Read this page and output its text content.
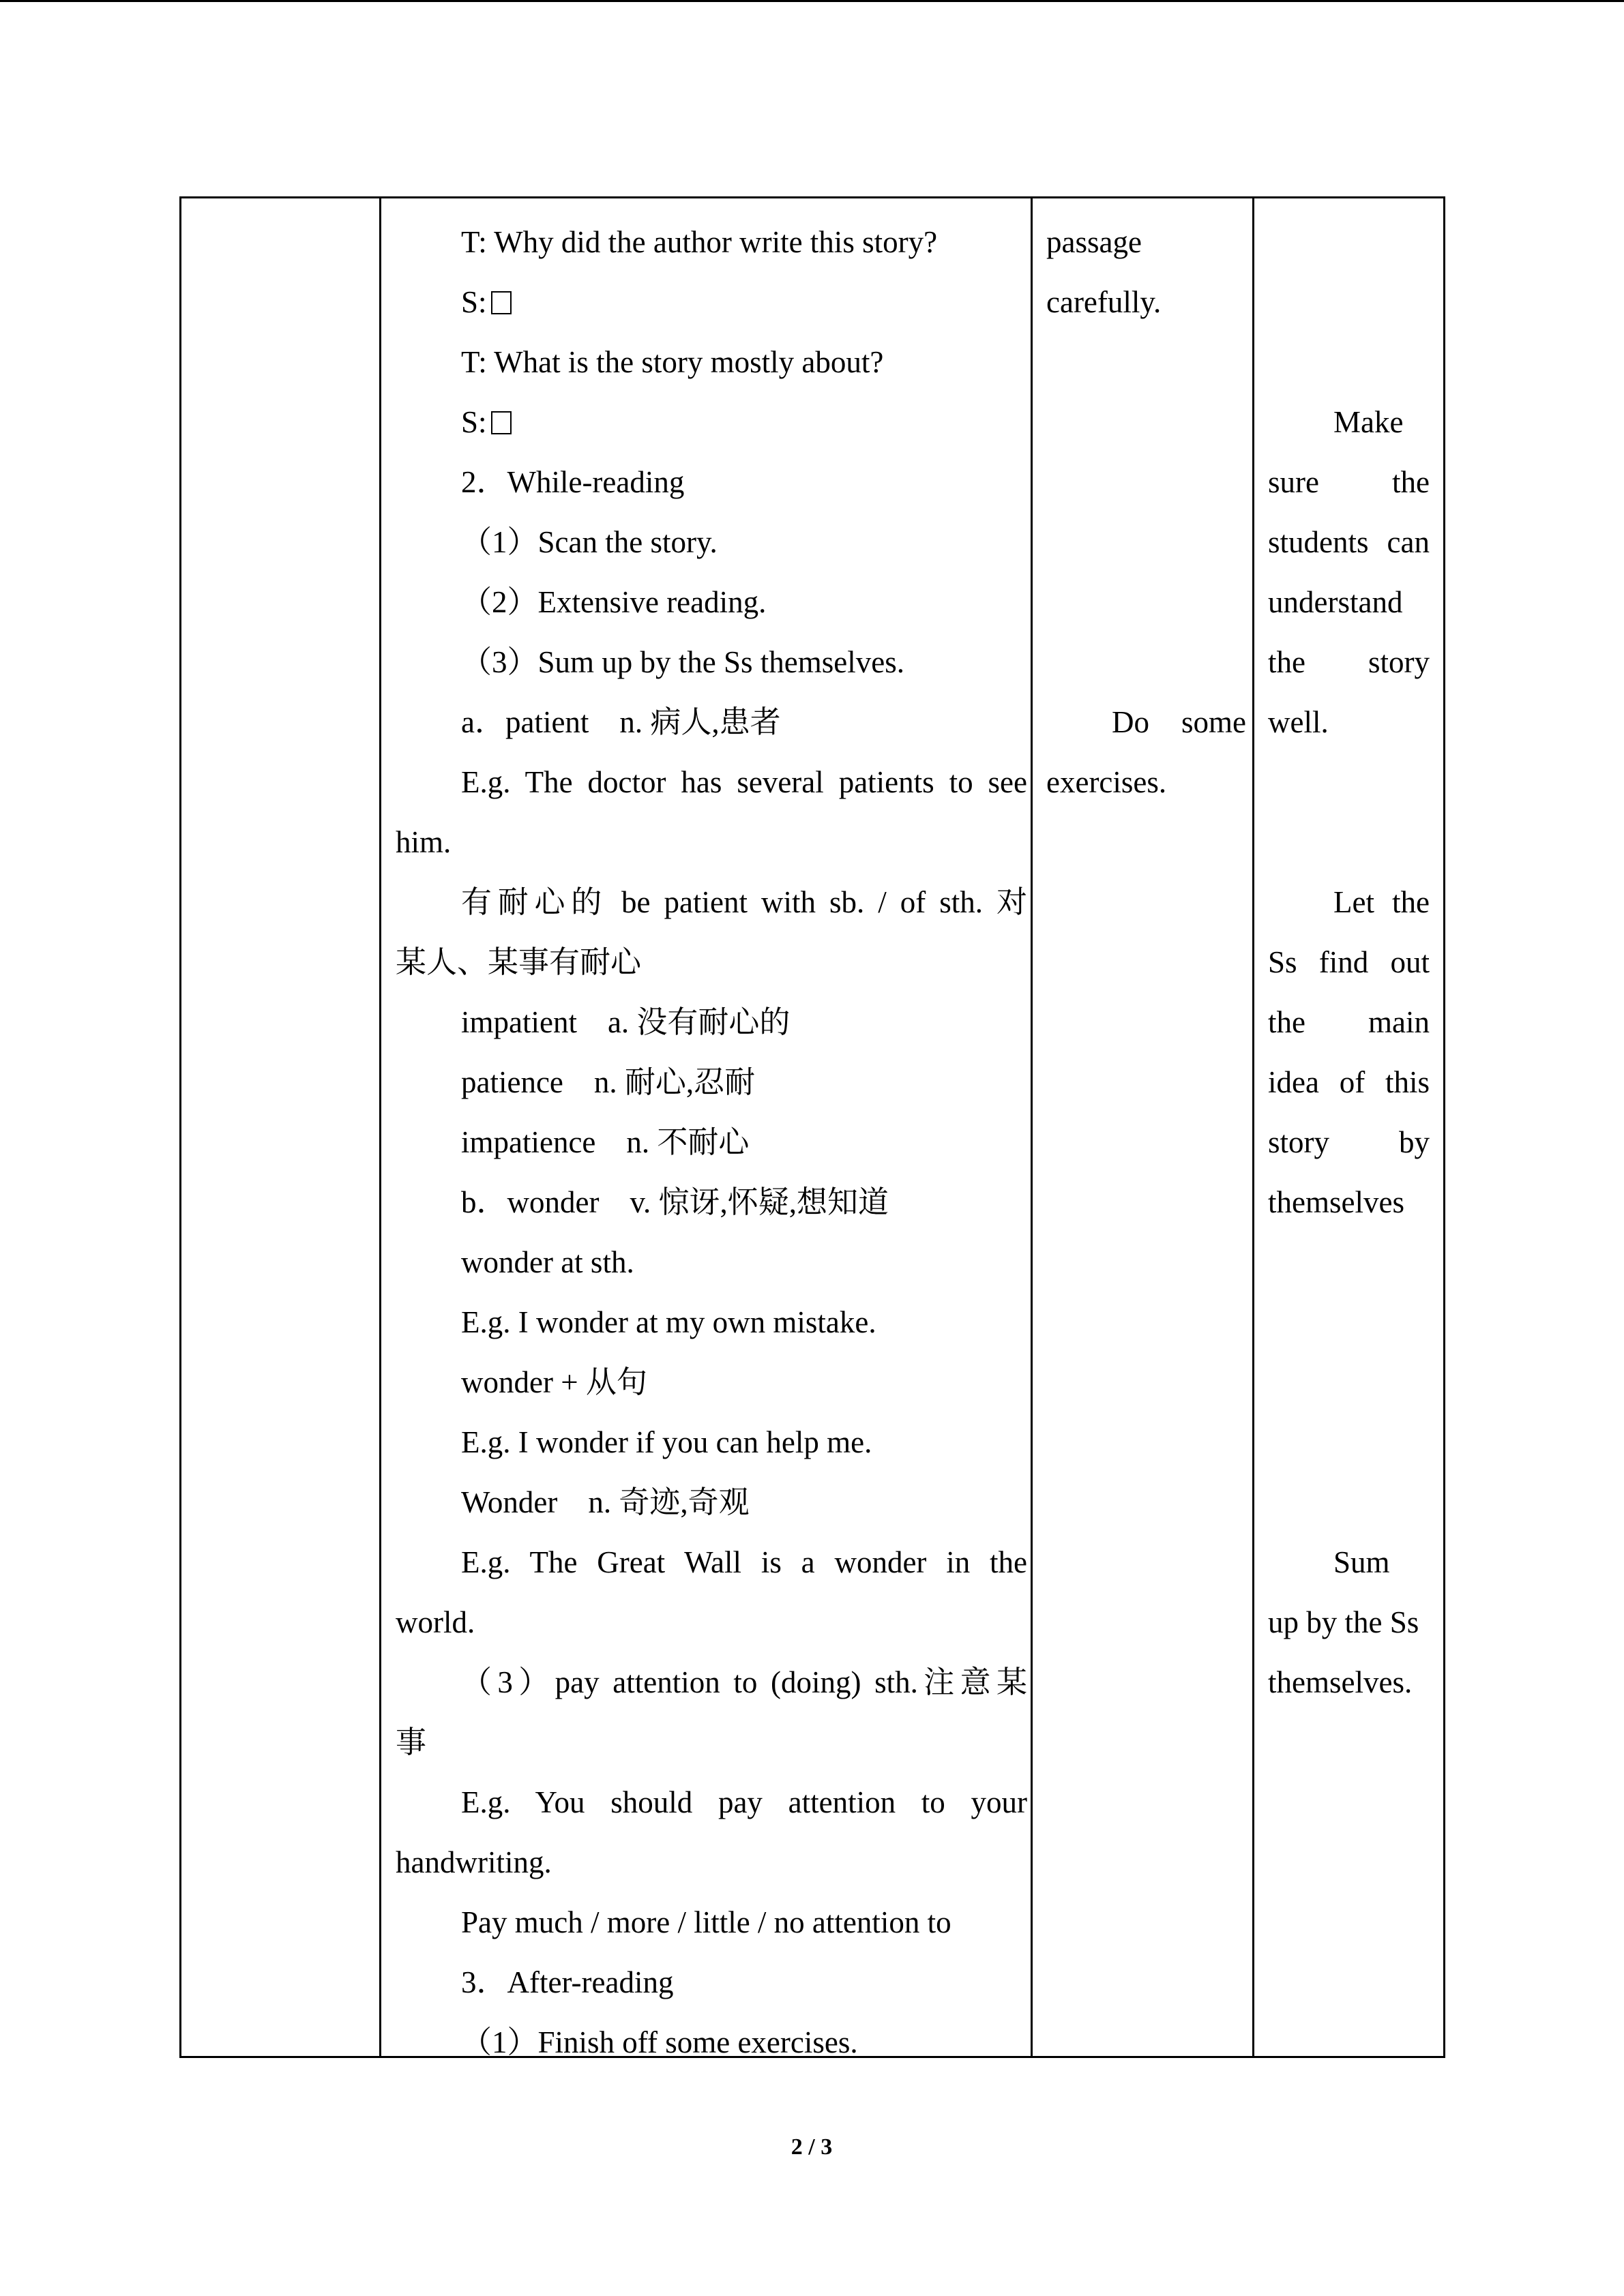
T: Why did the author write this story?
S:
T: What is the story mostly about?
S:
2．While-reading
（1）Scan the story.
（2）Extensive reading.
（3）Sum up by the Ss themselves.
a．patient　n. 病人,患者
E.g. The doctor has several patients to see
him.
有耐心的 be patient with sb. / of sth. 对
某人、某事有耐心
impatient　a. 没有耐心的
patience　n. 耐心,忍耐
impatience　n. 不耐心
b．wonder　v. 惊讶,怀疑,想知道
wonder at sth.
E.g. I wonder at my own mistake.
wonder + 从句
E.g. I wonder if you can help me.
Wonder　n. 奇迹,奇观
E.g. The Great Wall is a wonder in the
world.
（3）pay attention to (doing) sth.注意某
事
E.g. You should pay attention to your
handwriting.
Pay much / more / little / no attention to
3．After-reading
（1）Finish off some exercises.
passage
carefully.
Do some
exercises.
Make
sure the
students can
understand
the story
well.
Let the
Ss find out
the main
idea of this
story by
themselves
Sum
up by the Ss
themselves.
2 / 3
